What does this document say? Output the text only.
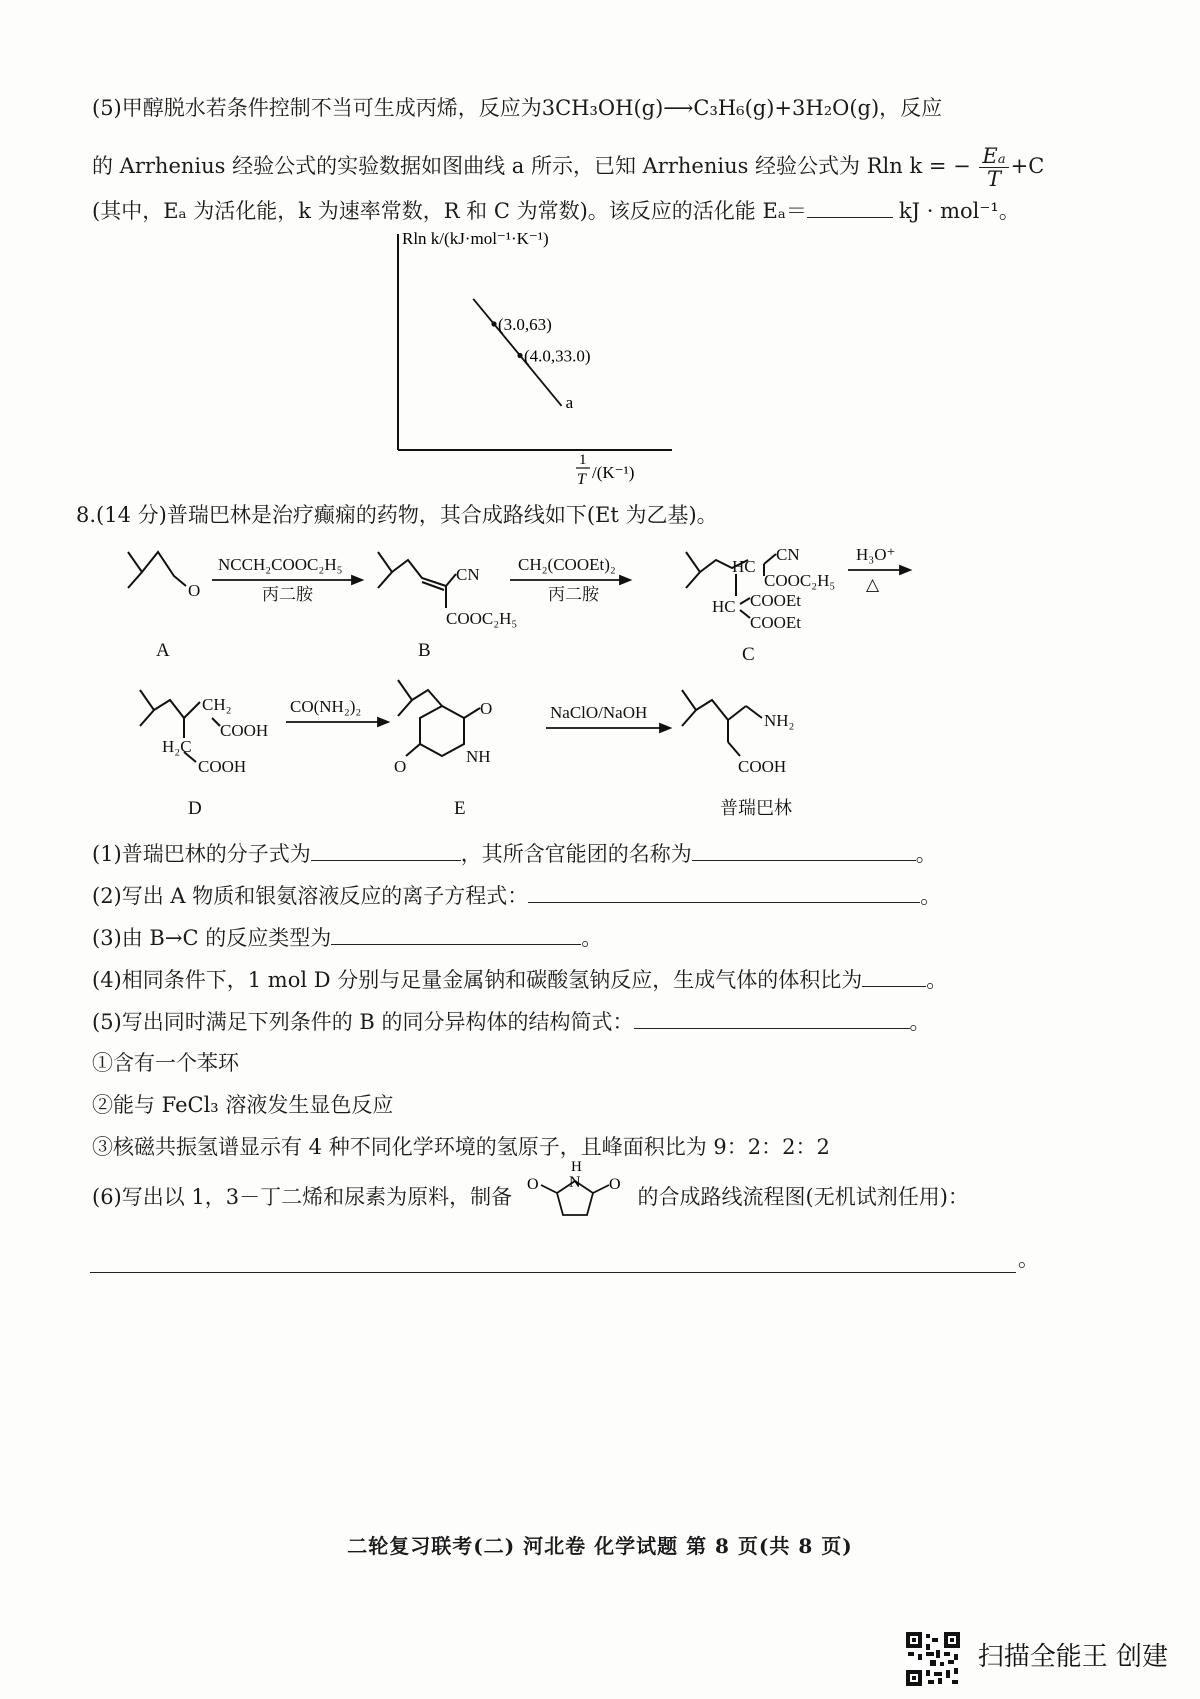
(5)甲醇脱水若条件控制不当可生成丙烯，反应为3CH₃OH(g)⟶C₃H₆(g)+3H₂O(g)，反应
的 Arrhenius 经验公式的实验数据如图曲线 a 所示，已知 Arrhenius 经验公式为 Rln k = − $\frac{\text{Eₐ}}{T} +C$
(其中，Eₐ 为活化能，k 为速率常数，R 和 C 为常数)。该反应的活化能 Eₐ＝	kJ · mol⁻¹。
Rln k/(kJ·mol⁻¹·K⁻¹)
(3.0,63)
(4.0,33.0)
a
1
T /(K⁻¹)
8.(14 分)普瑞巴林是治疗癫痫的药物，其合成路线如下(Et 为乙基)。
NCCH₂COOC₂H₅
丙二胺
CH₂(COOEt)₂
丙二胺
H₃O⁺
△
CO(NH₂)₂	NaClO/NaOH
O
CN
COOC₂H₅
HC
CN
COOC₂H₅
HC COOEt
COOEt
CH₂
COOH
H₂C
COOH
O
NH
O
NH₂
COOH
A	B	C
D	E	普瑞巴林
(1)普瑞巴林的分子式为	，其所含官能团的名称为	。
(2)写出 A 物质和银氨溶液反应的离子方程式：	。
(3)由 B→C 的反应类型为	。
(4)相同条件下，1 mol D 分别与足量金属钠和碳酸氢钠反应，生成气体的体积比为	。
(5)写出同时满足下列条件的 B 的同分异构体的结构简式：	。
①含有一个苯环
②能与 FeCl₃ 溶液发生显色反应
③核磁共振氢谱显示有 4 种不同化学环境的氢原子，且峰面积比为 9：2：2：2
(6)写出以 1，3－丁二烯和尿素为原料，制备
H
N
O	O
的合成路线流程图(无机试剂任用)：
。
二轮复习联考(二) 河北卷 化学试题 第 8 页(共 8 页)
扫描全能王 创建
